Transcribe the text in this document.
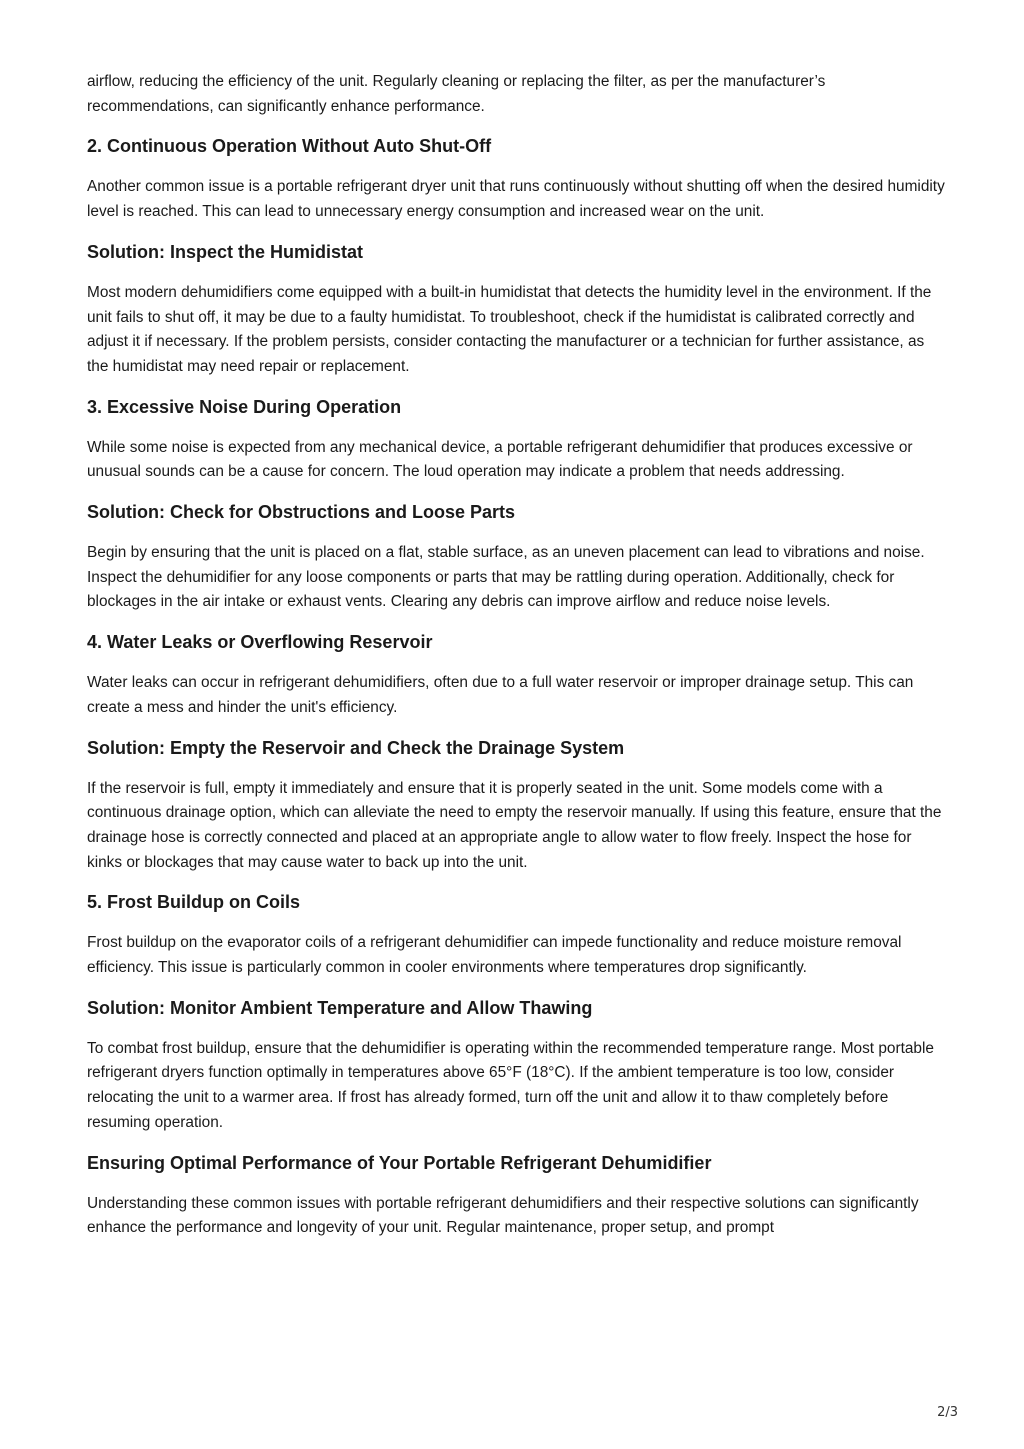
airflow, reducing the efficiency of the unit. Regularly cleaning or replacing the filter, as per the manufacturer’s recommendations, can significantly enhance performance.

2. Continuous Operation Without Auto Shut-Off

Another common issue is a portable refrigerant dryer unit that runs continuously without shutting off when the desired humidity level is reached. This can lead to unnecessary energy consumption and increased wear on the unit.

Solution: Inspect the Humidistat

Most modern dehumidifiers come equipped with a built-in humidistat that detects the humidity level in the environment. If the unit fails to shut off, it may be due to a faulty humidistat. To troubleshoot, check if the humidistat is calibrated correctly and adjust it if necessary. If the problem persists, consider contacting the manufacturer or a technician for further assistance, as the humidistat may need repair or replacement.

3. Excessive Noise During Operation

While some noise is expected from any mechanical device, a portable refrigerant dehumidifier that produces excessive or unusual sounds can be a cause for concern. The loud operation may indicate a problem that needs addressing.

Solution: Check for Obstructions and Loose Parts

Begin by ensuring that the unit is placed on a flat, stable surface, as an uneven placement can lead to vibrations and noise. Inspect the dehumidifier for any loose components or parts that may be rattling during operation. Additionally, check for blockages in the air intake or exhaust vents. Clearing any debris can improve airflow and reduce noise levels.

4. Water Leaks or Overflowing Reservoir

Water leaks can occur in refrigerant dehumidifiers, often due to a full water reservoir or improper drainage setup. This can create a mess and hinder the unit's efficiency.

Solution: Empty the Reservoir and Check the Drainage System

If the reservoir is full, empty it immediately and ensure that it is properly seated in the unit. Some models come with a continuous drainage option, which can alleviate the need to empty the reservoir manually. If using this feature, ensure that the drainage hose is correctly connected and placed at an appropriate angle to allow water to flow freely. Inspect the hose for kinks or blockages that may cause water to back up into the unit.

5. Frost Buildup on Coils

Frost buildup on the evaporator coils of a refrigerant dehumidifier can impede functionality and reduce moisture removal efficiency. This issue is particularly common in cooler environments where temperatures drop significantly.

Solution: Monitor Ambient Temperature and Allow Thawing

To combat frost buildup, ensure that the dehumidifier is operating within the recommended temperature range. Most portable refrigerant dryers function optimally in temperatures above 65°F (18°C). If the ambient temperature is too low, consider relocating the unit to a warmer area. If frost has already formed, turn off the unit and allow it to thaw completely before resuming operation.

Ensuring Optimal Performance of Your Portable Refrigerant Dehumidifier

Understanding these common issues with portable refrigerant dehumidifiers and their respective solutions can significantly enhance the performance and longevity of your unit. Regular maintenance, proper setup, and prompt

2/3
